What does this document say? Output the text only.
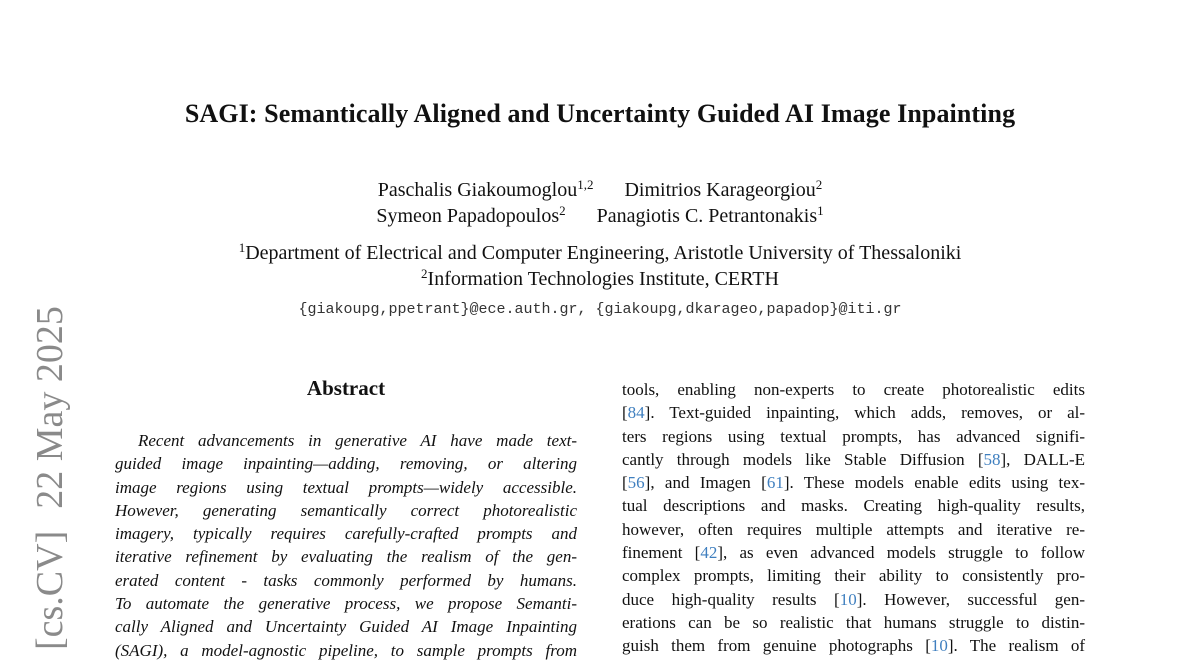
[cs.CV]22 May 2025
SAGI: Semantically Aligned and Uncertainty Guided AI Image Inpainting
Paschalis Giakoumoglou$^{1,2}$ Dimitrios Karageorgiou$^2$
Symeon Papadopoulos$^2$ Panagiotis C. Petrantonakis$^1$
$^1$Department of Electrical and Computer Engineering, Aristotle University of Thessaloniki
$^2$Information Technologies Institute, CERTH
{giakoupg,ppetrant}@ece.auth.gr, {giakoupg,dkarageo,papadop}@iti.gr
Abstract
Recent advancements in generative AI have made text-
guided image inpainting—adding, removing, or altering
image regions using textual prompts—widely accessible.
However, generating semantically correct photorealistic
imagery, typically requires carefully-crafted prompts and
iterative refinement by evaluating the realism of the gen-
erated content - tasks commonly performed by humans.
To automate the generative process, we propose Semanti-
cally Aligned and Uncertainty Guided AI Image Inpainting
(SAGI), a model-agnostic pipeline, to sample prompts from
tools, enabling non-experts to create photorealistic edits
[84]. Text-guided inpainting, which adds, removes, or al-
ters regions using textual prompts, has advanced signifi-
cantly through models like Stable Diffusion [58], DALL-E
[56], and Imagen [61]. These models enable edits using tex-
tual descriptions and masks. Creating high-quality results,
however, often requires multiple attempts and iterative re-
finement [42], as even advanced models struggle to follow
complex prompts, limiting their ability to consistently pro-
duce high-quality results [10]. However, successful gen-
erations can be so realistic that humans struggle to distin-
guish them from genuine photographs [10]. The realism of
